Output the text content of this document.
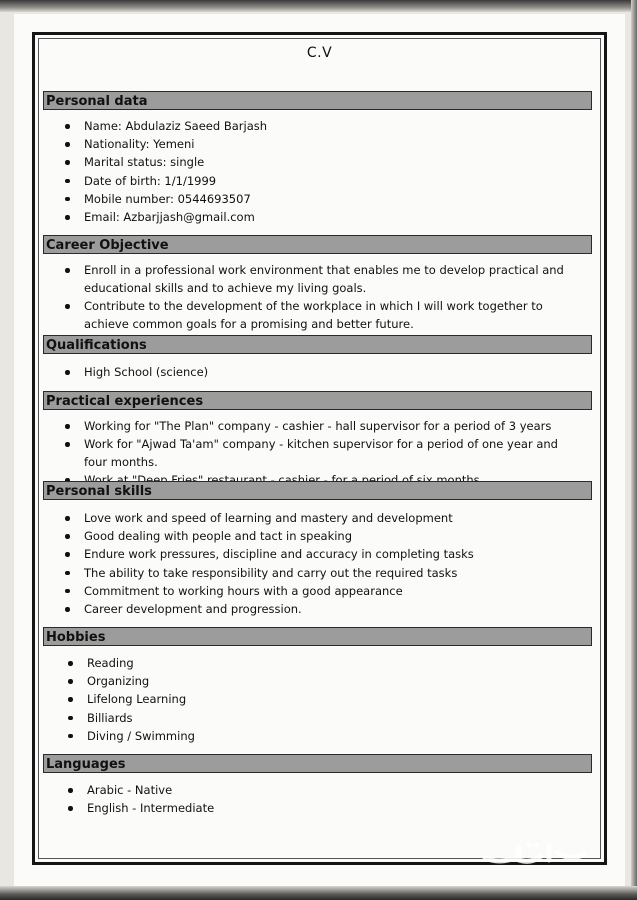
C.V
Personal data
Name: Abdulaziz Saeed Barjash
Nationality: Yemeni
Marital status: single
Date of birth: 1/1/1999
Mobile number: 0544693507
Email: Azbarjjash@gmail.com
Career Objective
Enroll in a professional work environment that enables me to develop practical and educational skills and to achieve my living goals.
Contribute to the development of the workplace in which I will work together to achieve common goals for a promising and better future.
Qualifications
High School (science)
Practical experiences
Working for "The Plan" company - cashier - hall supervisor for a period of 3 years
Work for "Ajwad Ta'am" company - kitchen supervisor for a period of one year and four months.
Work at "Deep Fries" restaurant - cashier - for a period of six months.
Personal skills
Love work and speed of learning and mastery and development
Good dealing with people and tact in speaking
Endure work pressures, discipline and accuracy in completing tasks
The ability to take responsibility and carry out the required tasks
Commitment to working hours with a good appearance
Career development and progression.
Hobbies
Reading
Organizing
Lifelong Learning
Billiards
Diving / Swimming
Languages
Arabic - Native
English - Intermediate
